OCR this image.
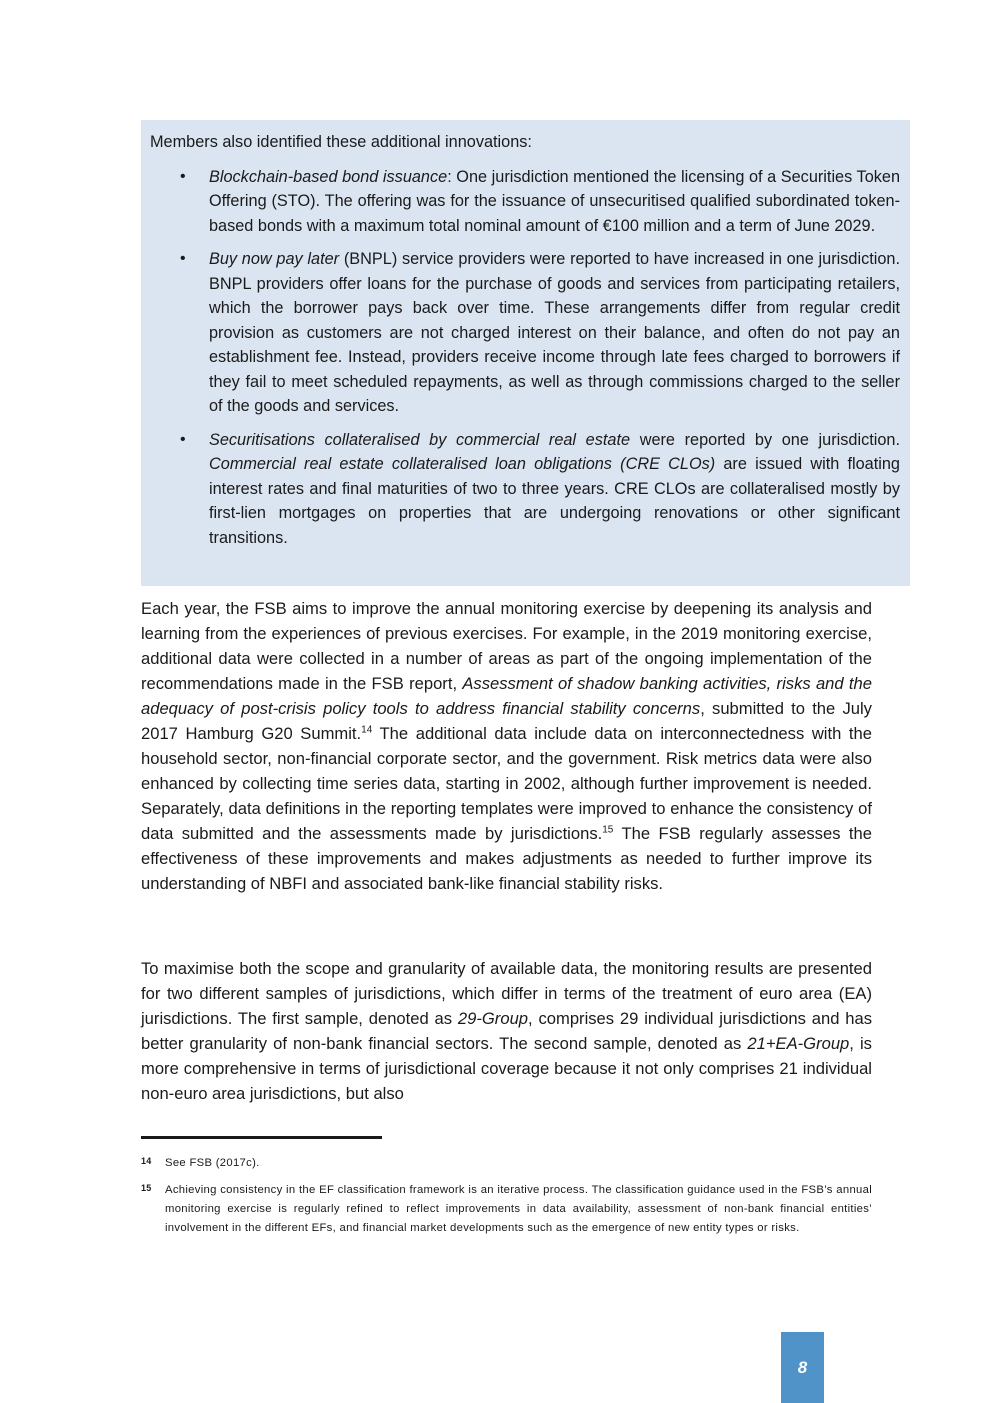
Members also identified these additional innovations:

• Blockchain-based bond issuance: One jurisdiction mentioned the licensing of a Securities Token Offering (STO). The offering was for the issuance of unsecuritised qualified subordinated token-based bonds with a maximum total nominal amount of €100 million and a term of June 2029.
• Buy now pay later (BNPL) service providers were reported to have increased in one jurisdiction. BNPL providers offer loans for the purchase of goods and services from participating retailers, which the borrower pays back over time. These arrangements differ from regular credit provision as customers are not charged interest on their balance, and often do not pay an establishment fee. Instead, providers receive income through late fees charged to borrowers if they fail to meet scheduled repayments, as well as through commissions charged to the seller of the goods and services.
• Securitisations collateralised by commercial real estate were reported by one jurisdiction. Commercial real estate collateralised loan obligations (CRE CLOs) are issued with floating interest rates and final maturities of two to three years. CRE CLOs are collateralised mostly by first-lien mortgages on properties that are undergoing renovations or other significant transitions.

Each year, the FSB aims to improve the annual monitoring exercise by deepening its analysis and learning from the experiences of previous exercises. For example, in the 2019 monitoring exercise, additional data were collected in a number of areas as part of the ongoing implementation of the recommendations made in the FSB report, Assessment of shadow banking activities, risks and the adequacy of post-crisis policy tools to address financial stability concerns, submitted to the July 2017 Hamburg G20 Summit.$^{14}$ The additional data include data on interconnectedness with the household sector, non-financial corporate sector, and the government. Risk metrics data were also enhanced by collecting time series data, starting in 2002, although further improvement is needed. Separately, data definitions in the reporting templates were improved to enhance the consistency of data submitted and the assessments made by jurisdictions.$^{15}$ The FSB regularly assesses the effectiveness of these improvements and makes adjustments as needed to further improve its understanding of NBFI and associated bank-like financial stability risks.

To maximise both the scope and granularity of available data, the monitoring results are presented for two different samples of jurisdictions, which differ in terms of the treatment of euro area (EA) jurisdictions. The first sample, denoted as 29-Group, comprises 29 individual jurisdictions and has better granularity of non-bank financial sectors. The second sample, denoted as 21+EA-Group, is more comprehensive in terms of jurisdictional coverage because it not only comprises 21 individual non-euro area jurisdictions, but also

14 See FSB (2017c).
15 Achieving consistency in the EF classification framework is an iterative process. The classification guidance used in the FSB’s annual monitoring exercise is regularly refined to reflect improvements in data availability, assessment of non-bank financial entities’ involvement in the different EFs, and financial market developments such as the emergence of new entity types or risks.
8
